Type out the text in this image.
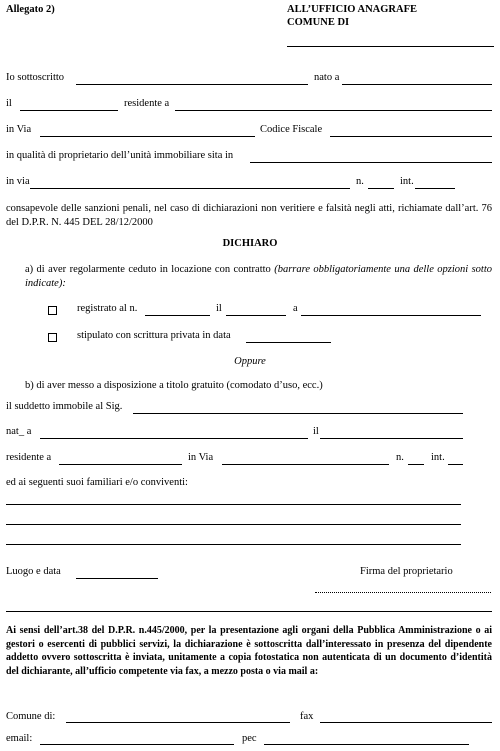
Allegato 2)	ALL’UFFICIO ANAGRAFE
COMUNE DI
Io sottoscritto	nato a
il	residente a
in Via	Codice Fiscale
in qualità di proprietario dell’unità immobiliare sita in
in via	n.	int.
consapevole delle sanzioni penali, nel caso di dichiarazioni non veritiere e falsità negli atti, richiamate dall’art. 76 del D.P.R. N. 445 DEL 28/12/2000
DICHIARO
a) di aver regolarmente ceduto in locazione con contratto (barrare obbligatoriamente una delle opzioni sotto indicate):
registrato al n.	il	a
stipulato con scrittura privata in data
Oppure
b) di aver messo a disposizione a titolo gratuito (comodato d’uso, ecc.)
il suddetto immobile al Sig.
nat_ a	il
residente a	in Via	n.	int.
ed ai seguenti suoi familiari e/o conviventi:
Luogo e data	Firma del proprietario
Ai sensi dell’art.38 del D.P.R. n.445/2000, per la presentazione agli organi della Pubblica Amministrazione o ai gestori o esercenti di pubblici servizi, la dichiarazione è sottoscritta dall’interessato in presenza del dipendente addetto ovvero sottoscritta è inviata, unitamente a copia fotostatica non autenticata di un documento d’identità del dichiarante, all’ufficio competente via fax, a mezzo posta o via mail a:
Comune di:	fax
email:	pec
